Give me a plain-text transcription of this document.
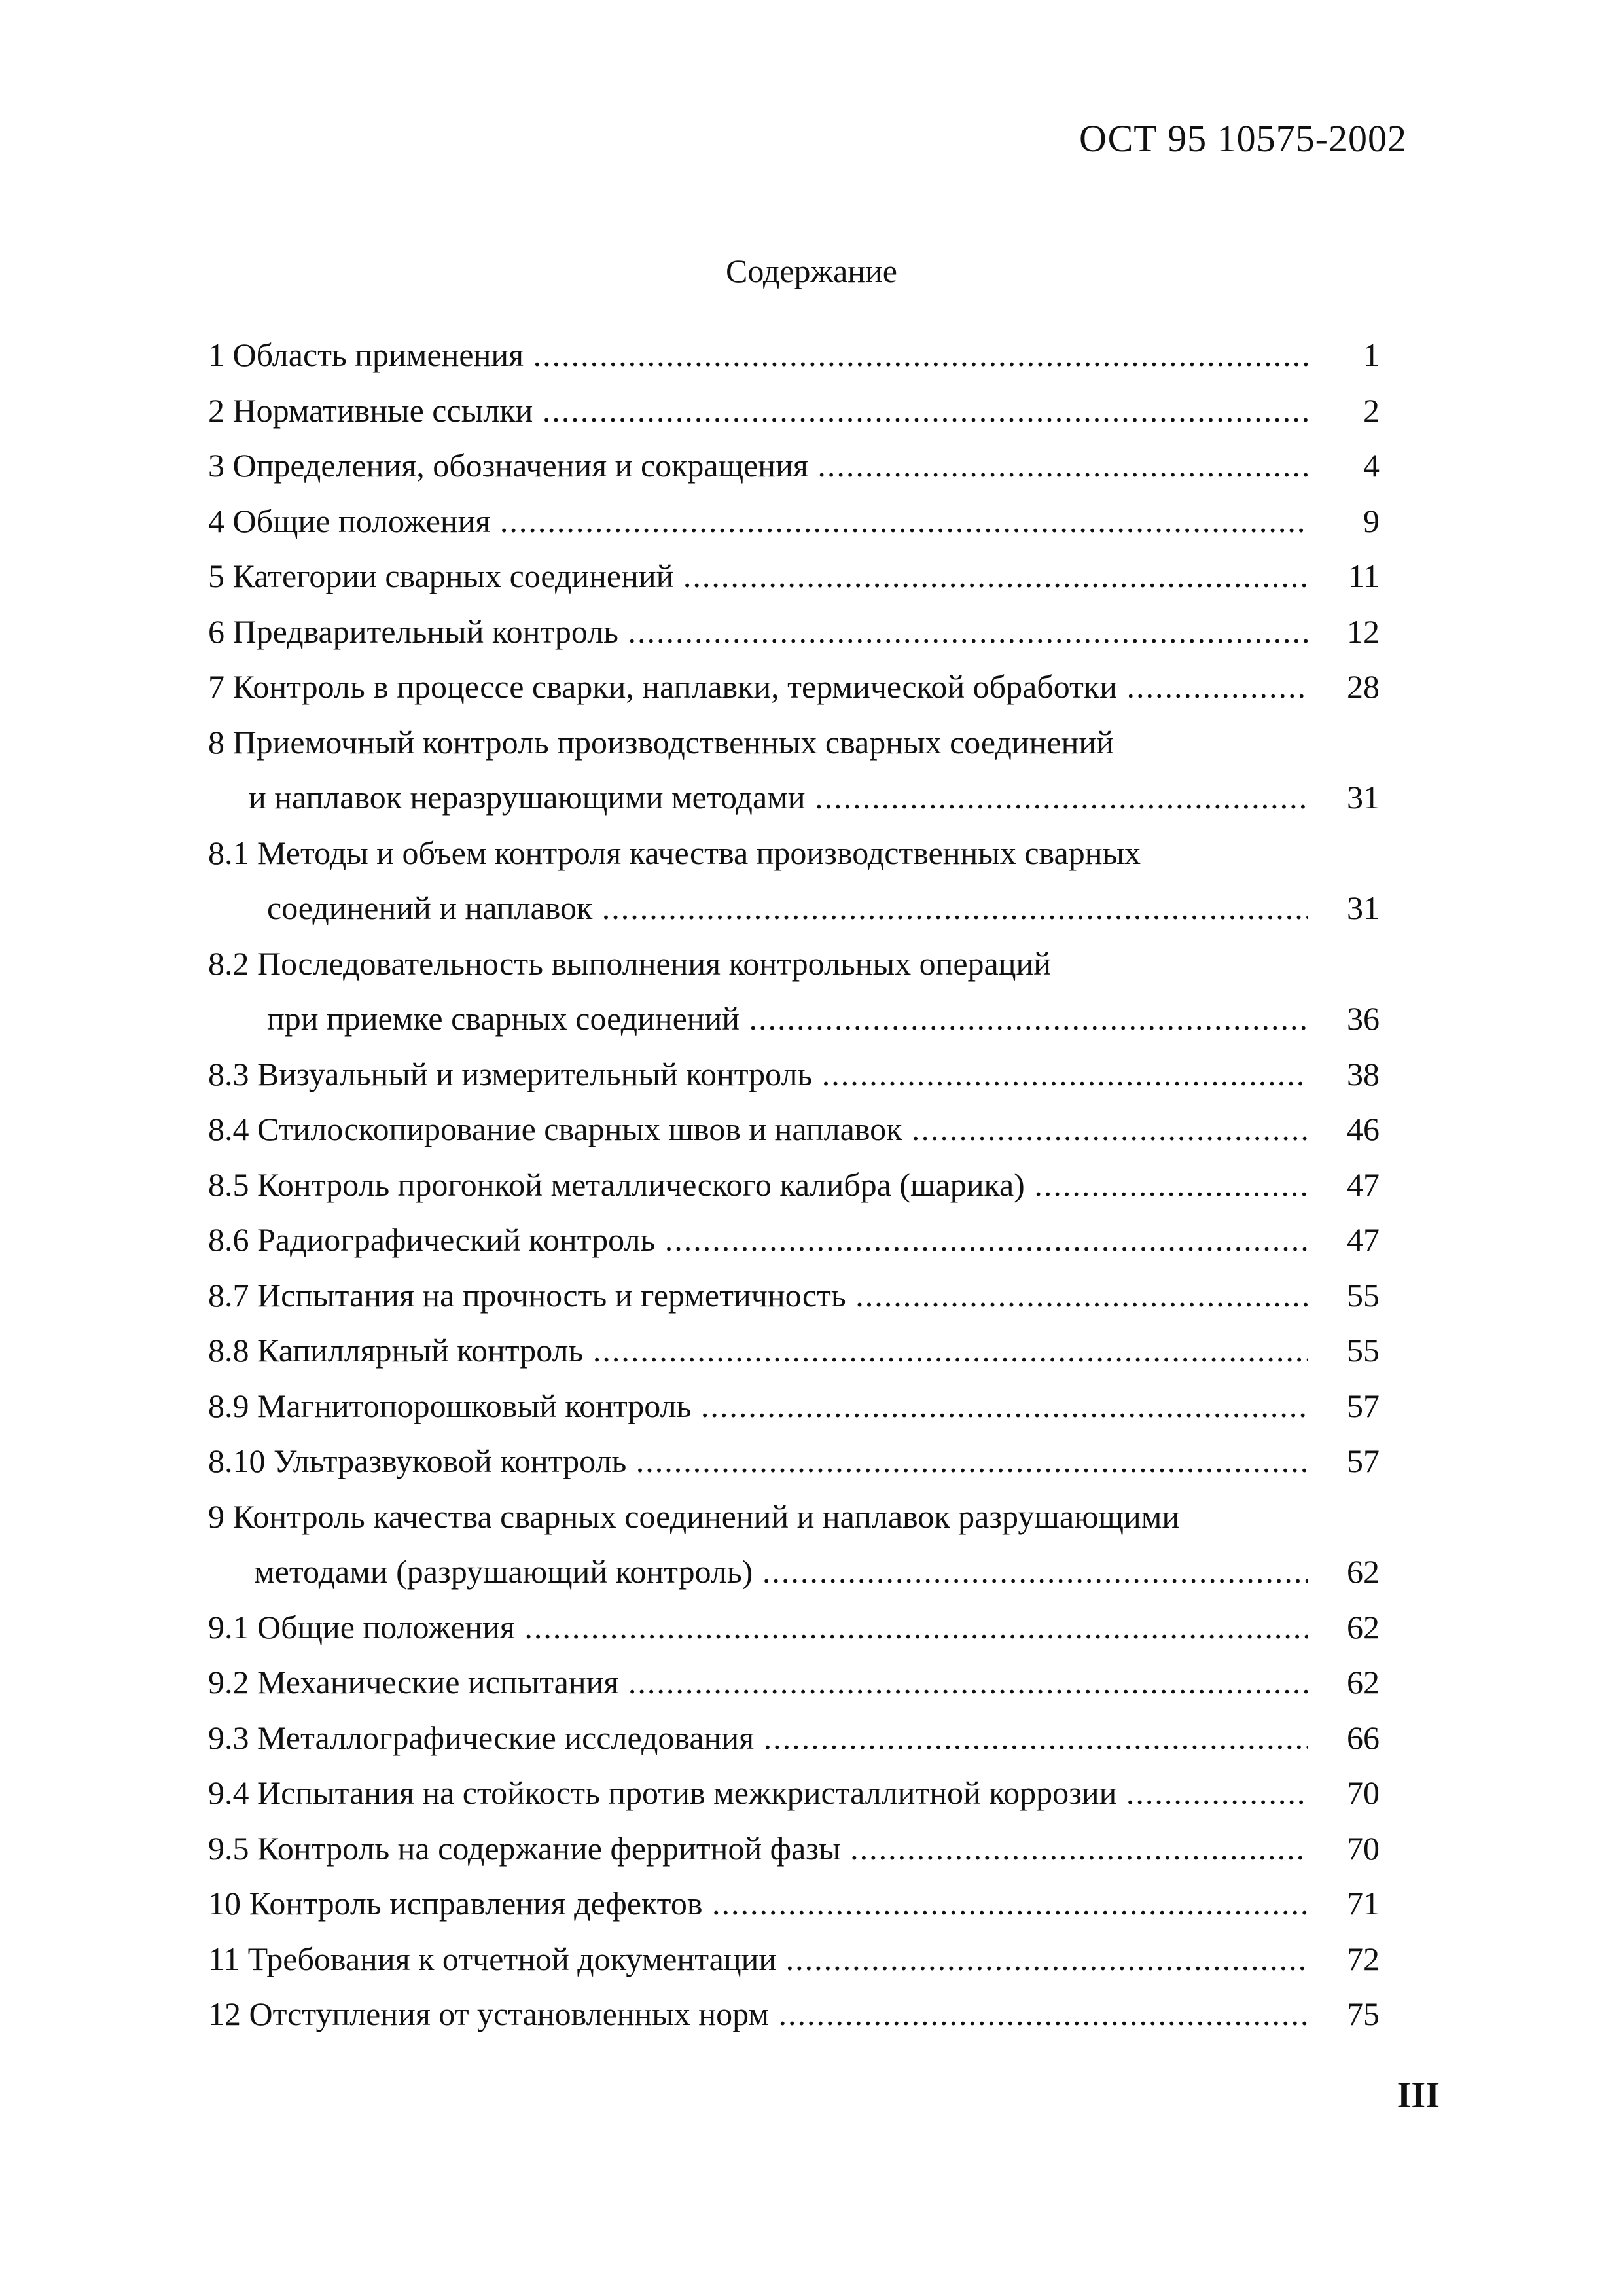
ОСТ 95 10575-2002
Содержание
1 Область применения .....	1
2 Нормативные ссылки .....	2
3 Определения, обозначения и сокращения .....	4
4 Общие положения .....	9
5 Категории сварных соединений .....	11
6 Предварительный контроль .....	12
7 Контроль в процессе сварки, наплавки, термической обработки .....	28
8 Приемочный контроль производственных сварных соединений
и наплавок неразрушающими методами .....	31
8.1 Методы и объем контроля качества производственных сварных
соединений и наплавок .....	31
8.2 Последовательность выполнения контрольных операций
при приемке сварных соединений .....	36
8.3 Визуальный и измерительный контроль .....	38
8.4 Стилоскопирование сварных швов и наплавок .....	46
8.5 Контроль прогонкой металлического калибра (шарика) .....	47
8.6 Радиографический контроль .....	47
8.7 Испытания на прочность и герметичность .....	55
8.8 Капиллярный контроль .....	55
8.9 Магнитопорошковый контроль .....	57
8.10 Ультразвуковой контроль .....	57
9 Контроль качества сварных соединений и наплавок разрушающими
методами (разрушающий контроль) .....	62
9.1 Общие положения .....	62
9.2 Механические испытания .....	62
9.3 Металлографические исследования .....	66
9.4 Испытания на стойкость против межкристаллитной коррозии .....	70
9.5 Контроль на содержание ферритной фазы .....	70
10 Контроль исправления дефектов .....	71
11 Требования к отчетной документации .....	72
12 Отступления от установленных норм .....	75
III
